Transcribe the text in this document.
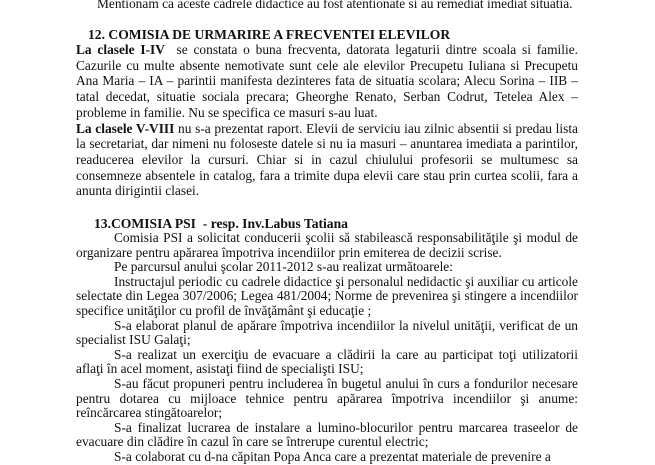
Mentionam ca aceste cadrele didactice au fost atentionate si au remediat imediat situatia.

12. COMISIA DE URMARIRE A FRECVENTEI ELEVILOR

La clasele I-IV  se constata o buna frecventa, datorata legaturii dintre scoala si familie. Cazurile cu multe absente nemotivate sunt cele ale elevilor Precupetu Iuliana si Precupetu Ana Maria – IA – parintii manifesta dezinteres fata de situatia scolara; Alecu Sorina – IIB – tatal decedat, situatie sociala precara; Gheorghe Renato, Serban Codrut, Tetelea Alex – probleme in familie. Nu se specifica ce masuri s-au luat.

La clasele V-VIII nu s-a prezentat raport. Elevii de serviciu iau zilnic absentii si predau lista la secretariat, dar nimeni nu foloseste datele si nu ia masuri – anuntarea imediata a parintilor, readucerea elevilor la cursuri. Chiar si in cazul chiulului profesorii se multumesc sa consemneze absentele in catalog, fara a trimite dupa elevii care stau prin curtea scolii, fara a anunta dirigintii clasei.

13.COMISIA PSI  - resp. Inv.Labus Tatiana

Comisia PSI a solicitat conducerii şcolii să stabilească responsabilităţile şi modul de organizare pentru apărarea împotriva incendiilor prin emiterea de decizii scrise.

Pe parcursul anului şcolar 2011-2012 s-au realizat următoarele:

Instructajul periodic cu cadrele didactice şi personalul nedidactic şi auxiliar cu articole selectate din Legea 307/2006; Legea 481/2004; Norme de prevenirea şi stingere a incendiilor specifice unităţilor cu profil de învăţământ şi educaţie ;

S-a elaborat planul de apărare împotriva incendiilor la nivelul unităţii, verificat de un specialist ISU Galaţi;

S-a realizat un exerciţiu de evacuare a clădirii la care au participat toţi utilizatorii aflaţi în acel moment, asistaţi fiind de specialişti ISU;

S-au făcut propuneri pentru includerea în bugetul anului în curs a fondurilor necesare pentru dotarea cu mijloace tehnice pentru apărarea împotriva incendiilor şi anume: reîncărcarea stingătoarelor;

S-a finalizat lucrarea de instalare a lumino-blocurilor pentru marcarea traseelor de evacuare din clădire în cazul în care se întrerupe curentul electric;

S-a colaborat cu d-na căpitan Popa Anca care a prezentat materiale de prevenire a
